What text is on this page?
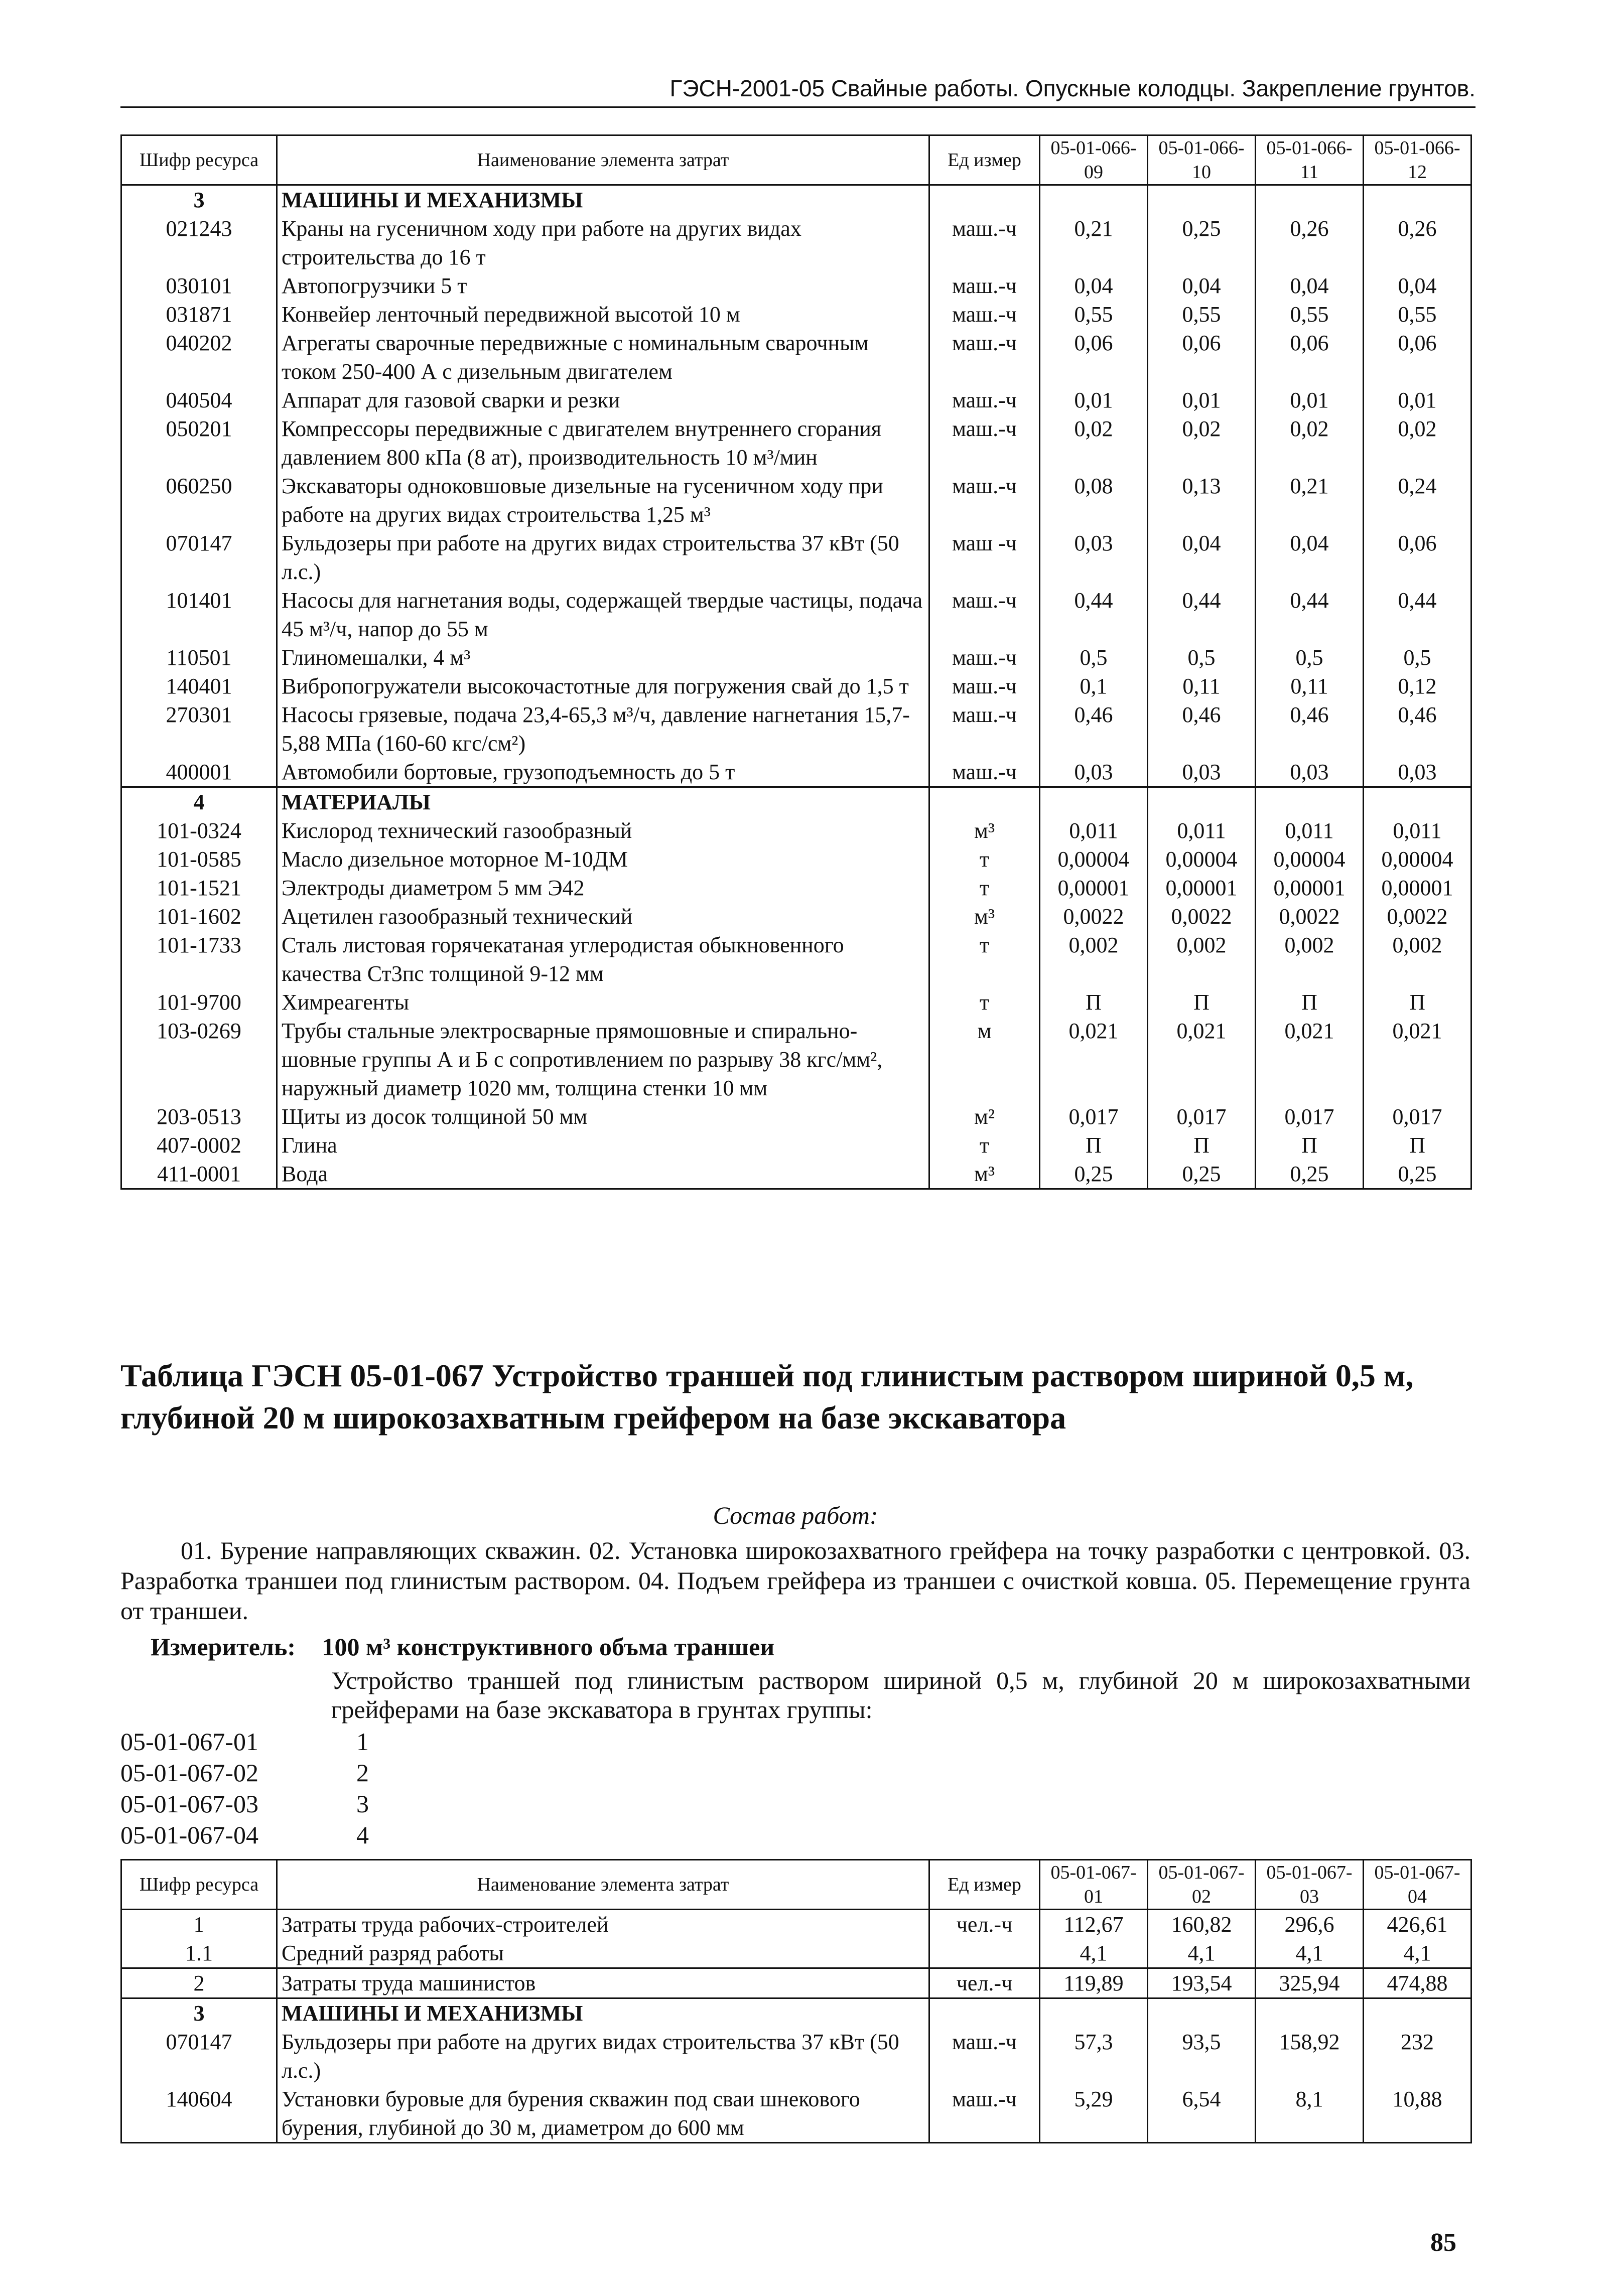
ГЭСН-2001-05 Свайные работы. Опускные колодцы. Закрепление грунтов.
Шифр ресурса	Наименование элемента затрат	Ед измер	05-01-066-09	05-01-066-10	05-01-066-11	05-01-066-12
3	МАШИНЫ И МЕХАНИЗМЫ					
021243	Краны на гусеничном ходу при работе на других видах строительства до 16 т	маш.-ч	0,21	0,25	0,26	0,26
030101	Автопогрузчики 5 т	маш.-ч	0,04	0,04	0,04	0,04
031871	Конвейер ленточный передвижной высотой 10 м	маш.-ч	0,55	0,55	0,55	0,55
040202	Агрегаты сварочные передвижные с номинальным сварочным током 250-400 А с дизельным двигателем	маш.-ч	0,06	0,06	0,06	0,06
040504	Аппарат для газовой сварки и резки	маш.-ч	0,01	0,01	0,01	0,01
050201	Компрессоры передвижные с двигателем внутреннего сгорания давлением 800 кПа (8 ат), производительность 10 м³/мин	маш.-ч	0,02	0,02	0,02	0,02
060250	Экскаваторы одноковшовые дизельные на гусеничном ходу при работе на других видах строительства 1,25 м³	маш.-ч	0,08	0,13	0,21	0,24
070147	Бульдозеры при работе на других видах строительства 37 кВт (50 л.с.)	маш -ч	0,03	0,04	0,04	0,06
101401	Насосы для нагнетания воды, содержащей твердые частицы, подача 45 м³/ч, напор до 55 м	маш.-ч	0,44	0,44	0,44	0,44
110501	Глиномешалки, 4 м³	маш.-ч	0,5	0,5	0,5	0,5
140401	Вибропогружатели высокочастотные для погружения свай до 1,5 т	маш.-ч	0,1	0,11	0,11	0,12
270301	Насосы грязевые, подача 23,4-65,3 м³/ч, давление нагнетания 15,7-5,88 МПа (160-60 кгс/см²)	маш.-ч	0,46	0,46	0,46	0,46
400001	Автомобили бортовые, грузоподъемность до 5 т	маш.-ч	0,03	0,03	0,03	0,03
4	МАТЕРИАЛЫ					
101-0324	Кислород технический газообразный	м³	0,011	0,011	0,011	0,011
101-0585	Масло дизельное моторное М-10ДМ	т	0,00004	0,00004	0,00004	0,00004
101-1521	Электроды диаметром 5 мм Э42	т	0,00001	0,00001	0,00001	0,00001
101-1602	Ацетилен газообразный технический	м³	0,0022	0,0022	0,0022	0,0022
101-1733	Сталь листовая горячекатаная углеродистая обыкновенного качества Ст3пс толщиной 9-12 мм	т	0,002	0,002	0,002	0,002
101-9700	Химреагенты	т	П	П	П	П
103-0269	Трубы стальные электросварные прямошовные и спирально-шовные группы А и Б с сопротивлением по разрыву 38 кгс/мм², наружный диаметр 1020 мм, толщина стенки 10 мм	м	0,021	0,021	0,021	0,021
203-0513	Щиты из досок толщиной 50 мм	м²	0,017	0,017	0,017	0,017
407-0002	Глина	т	П	П	П	П
411-0001	Вода	м³	0,25	0,25	0,25	0,25
Таблица ГЭСН 05-01-067 Устройство траншей под глинистым раствором шириной 0,5 м, глубиной 20 м широкозахватным грейфером на базе экскаватора
Состав работ:
01. Бурение направляющих скважин. 02. Установка широкозахватного грейфера на точку разработки с центровкой. 03. Разработка траншеи под глинистым раствором. 04. Подъем грейфера из траншеи с очисткой ковша. 05. Перемещение грунта от траншеи.
Измеритель: 100 м³ конструктивного объма траншеи
Устройство траншей под глинистым раствором шириной 0,5 м, глубиной 20 м широкозахватными грейферами на базе экскаватора в грунтах группы:
05-01-067-01	1
05-01-067-02	2
05-01-067-03	3
05-01-067-04	4
Шифр ресурса	Наименование элемента затрат	Ед измер	05-01-067-01	05-01-067-02	05-01-067-03	05-01-067-04
1	Затраты труда рабочих-строителей	чел.-ч	112,67	160,82	296,6	426,61
1.1	Средний разряд работы		4,1	4,1	4,1	4,1
2	Затраты труда машинистов	чел.-ч	119,89	193,54	325,94	474,88
3	МАШИНЫ И МЕХАНИЗМЫ					
070147	Бульдозеры при работе на других видах строительства 37 кВт (50 л.с.)	маш.-ч	57,3	93,5	158,92	232
140604	Установки буровые для бурения скважин под сваи шнекового бурения, глубиной до 30 м, диаметром до 600 мм	маш.-ч	5,29	6,54	8,1	10,88
85
